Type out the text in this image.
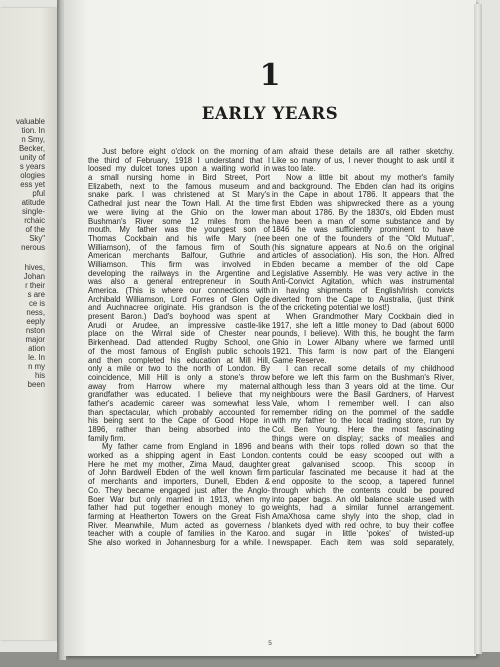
valuable
tion. In
n Smy,
Becker,
unity of
s years
ologies
ess yet
pful
atitude
single-
rchaic
of the
Sky"
nerous
hives,
Johan
r their
s are
ce is
ness,
eeply
nston
major
ation
le. In
n my
his
been
1
EARLY YEARS
Just before eight o'clock on the morning of
the third of February, 1918 I understand that I
loosed my dulcet tones upon a waiting world in
a small nursing home in Bird Street, Port
Elizabeth, next to the famous museum and
snake park. I was christened at St Mary's
Cathedral just near the Town Hall. At the time
we were living at the Ghio on the lower
Bushman's River some 12 miles from the
mouth. My father was the youngest son of
Thomas Cockbain and his wife Mary (nee
Williamson), of the famous firm of South
American merchants Balfour, Guthrie and
Williamson. This firm was involved in
developing the railways in the Argentine and
was also a general entrepreneur in South
America. (This is where our connections with
Archibald Williamson, Lord Forres of Glen Ogle
and Auchnacree originate. His grandson is the
present Baron.) Dad's boyhood was spent at
Arudi or Arudee, an impressive castle-like
place on the Wirral side of Chester near
Birkenhead. Dad attended Rugby School, one
of the most famous of English public schools
and then completed his education at Mill Hill,
only a mile or two to the north of London. By
coincidence, Mill Hill is only a stone's throw
away from Harrow where my maternal
grandfather was educated. I believe that my
father's academic career was somewhat less
than spectacular, which probably accounted for
his being sent to the Cape of Good Hope in
1896, rather than being absorbed into the
family firm.
My father came from England in 1896 and
worked as a shipping agent in East London.
Here he met my mother, Zima Maud, daughter
of John Bardwell Ebden of the well known firm
of merchants and importers, Dunell, Ebden &
Co. They became engaged just after the Anglo-
Boer War but only married in 1913, when my
father had put together enough money to go
farming at Heatherton Towers on the Great Fish
River. Meanwhile, Mum acted as governess /
teacher with a couple of families in the Karoo.
She also worked in Johannesburg for a while. I
am afraid these details are all rather sketchy.
Like so many of us, I never thought to ask until it
was too late.
Now a little bit about my mother's family
and background. The Ebden clan had its origins
in the Cape in about 1786. It appears that the
first Ebden was shipwrecked there as a young
man about 1786. By the 1830's, old Ebden must
have been a man of some substance and by
1846 he was sufficiently prominent to have
been one of the founders of the "Old Mutual",
(his signature appears at No.6 on the original
articles of association). His son, the Hon. Alfred
Ebden became a member of the old Cape
Legislative Assembly. He was very active in the
Anti-Convict Agitation, which was instrumental
in having shipments of English/Irish convicts
diverted from the Cape to Australia, (just think
of the cricketing potential we lost!)
When Grandmother Mary Cockbain died in
1917, she left a little money to Dad (about 6000
pounds, I believe). With this, he bought the farm
Ghio in Lower Albany where we farmed until
1921. This farm is now part of the Elangeni
Game Reserve.
I can recall some details of my childhood
before we left this farm on the Bushman's River,
although less than 3 years old at the time. Our
neighbours were the Basil Gardners, of Harvest
Vale, whom I remember well. I can also
remember riding on the pommel of the saddle
with my father to the local trading store, run by
Col. Ben Young. Here the most fascinating
things were on display; sacks of mealies and
beans with their tops rolled down so that the
contents could be easy scooped out with a
great galvanised scoop. This scoop in
particular fascinated me because it had at the
end opposite to the scoop, a tapered funnel
through which the contents could be poured
into paper bags. An old balance scale used with
weights, had a similar funnel arrangement.
AmaXhosa came shyly into the shop, clad in
blankets dyed with red ochre, to buy their coffee
and sugar in little 'pokes' of twisted-up
newspaper. Each item was sold separately,
5
